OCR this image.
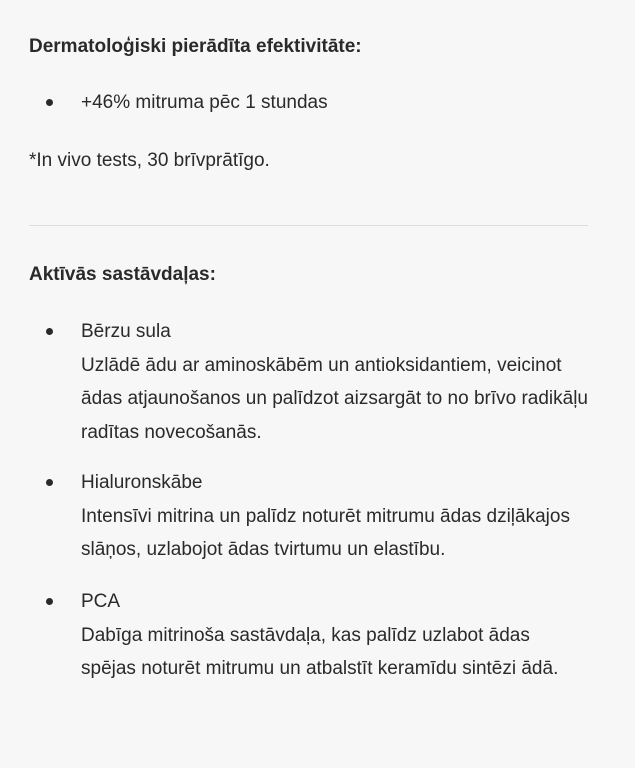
Dermatoloģiski pierādīta efektivitāte:
+46% mitruma pēc 1 stundas
*In vivo tests, 30 brīvprātīgo.
Aktīvās sastāvdaļas:
Bērzu sula
Uzlādē ādu ar aminoskābēm un antioksidantiem, veicinot ādas atjaunošanos un palīdzot aizsargāt to no brīvo radikāļu radītas novecošanās.
Hialuronskābe
Intensīvi mitrina un palīdz noturēt mitrumu ādas dziļākajos slāņos, uzlabojot ādas tvirtumu un elastību.
PCA
Dabīga mitrinoša sastāvdaļa, kas palīdz uzlabot ādas spējas noturēt mitrumu un atbalstīt keramīdu sintēzi ādā.
